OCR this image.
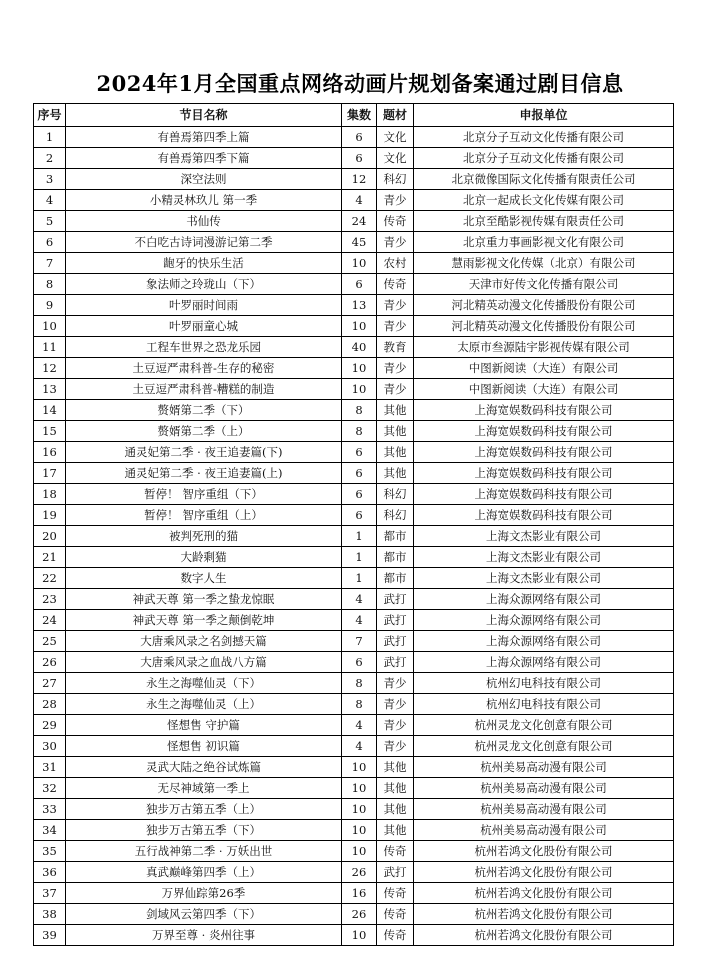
2024年1月全国重点网络动画片规划备案通过剧目信息
序号	节目名称	集数	题材	申报单位
1	有兽焉第四季上篇	6	文化	北京分子互动文化传播有限公司
2	有兽焉第四季下篇	6	文化	北京分子互动文化传播有限公司
3	深空法则	12	科幻	北京微像国际文化传播有限责任公司
4	小精灵林玖儿 第一季	4	青少	北京一起成长文化传媒有限公司
5	书仙传	24	传奇	北京至酷影视传媒有限责任公司
6	不白吃古诗词漫游记第二季	45	青少	北京重力事画影视文化有限公司
7	龅牙的快乐生活	10	农村	慧雨影视文化传媒（北京）有限公司
8	象法师之玲珑山（下）	6	传奇	天津市好传文化传播有限公司
9	叶罗丽时间雨	13	青少	河北精英动漫文化传播股份有限公司
10	叶罗丽童心城	10	青少	河北精英动漫文化传播股份有限公司
11	工程车世界之恐龙乐园	40	教育	太原市叁源陆宇影视传媒有限公司
12	土豆逗严肃科普-生存的秘密	10	青少	中图新阅读（大连）有限公司
13	土豆逗严肃科普-糟糕的制造	10	青少	中图新阅读（大连）有限公司
14	赘婿第二季（下）	8	其他	上海宽娱数码科技有限公司
15	赘婿第二季（上）	8	其他	上海宽娱数码科技有限公司
16	通灵妃第二季 · 夜王追妻篇(下)	6	其他	上海宽娱数码科技有限公司
17	通灵妃第二季 · 夜王追妻篇(上)	6	其他	上海宽娱数码科技有限公司
18	暂停！ 智序重组（下）	6	科幻	上海宽娱数码科技有限公司
19	暂停！ 智序重组（上）	6	科幻	上海宽娱数码科技有限公司
20	被判死刑的猫	1	都市	上海文杰影业有限公司
21	大龄剩猫	1	都市	上海文杰影业有限公司
22	数字人生	1	都市	上海文杰影业有限公司
23	神武天尊 第一季之蛰龙惊眠	4	武打	上海众源网络有限公司
24	神武天尊 第一季之颠倒乾坤	4	武打	上海众源网络有限公司
25	大唐乘风录之名剑撼天篇	7	武打	上海众源网络有限公司
26	大唐乘风录之血战八方篇	6	武打	上海众源网络有限公司
27	永生之海噬仙灵（下）	8	青少	杭州幻电科技有限公司
28	永生之海噬仙灵（上）	8	青少	杭州幻电科技有限公司
29	怪想售 守护篇	4	青少	杭州灵龙文化创意有限公司
30	怪想售 初识篇	4	青少	杭州灵龙文化创意有限公司
31	灵武大陆之绝谷试炼篇	10	其他	杭州美易高动漫有限公司
32	无尽神域第一季上	10	其他	杭州美易高动漫有限公司
33	独步万古第五季（上）	10	其他	杭州美易高动漫有限公司
34	独步万古第五季（下）	10	其他	杭州美易高动漫有限公司
35	五行战神第二季 · 万妖出世	10	传奇	杭州若鸿文化股份有限公司
36	真武巅峰第四季（上）	26	武打	杭州若鸿文化股份有限公司
37	万界仙踪第26季	16	传奇	杭州若鸿文化股份有限公司
38	剑域风云第四季（下）	26	传奇	杭州若鸿文化股份有限公司
39	万界至尊 · 炎州往事	10	传奇	杭州若鸿文化股份有限公司
